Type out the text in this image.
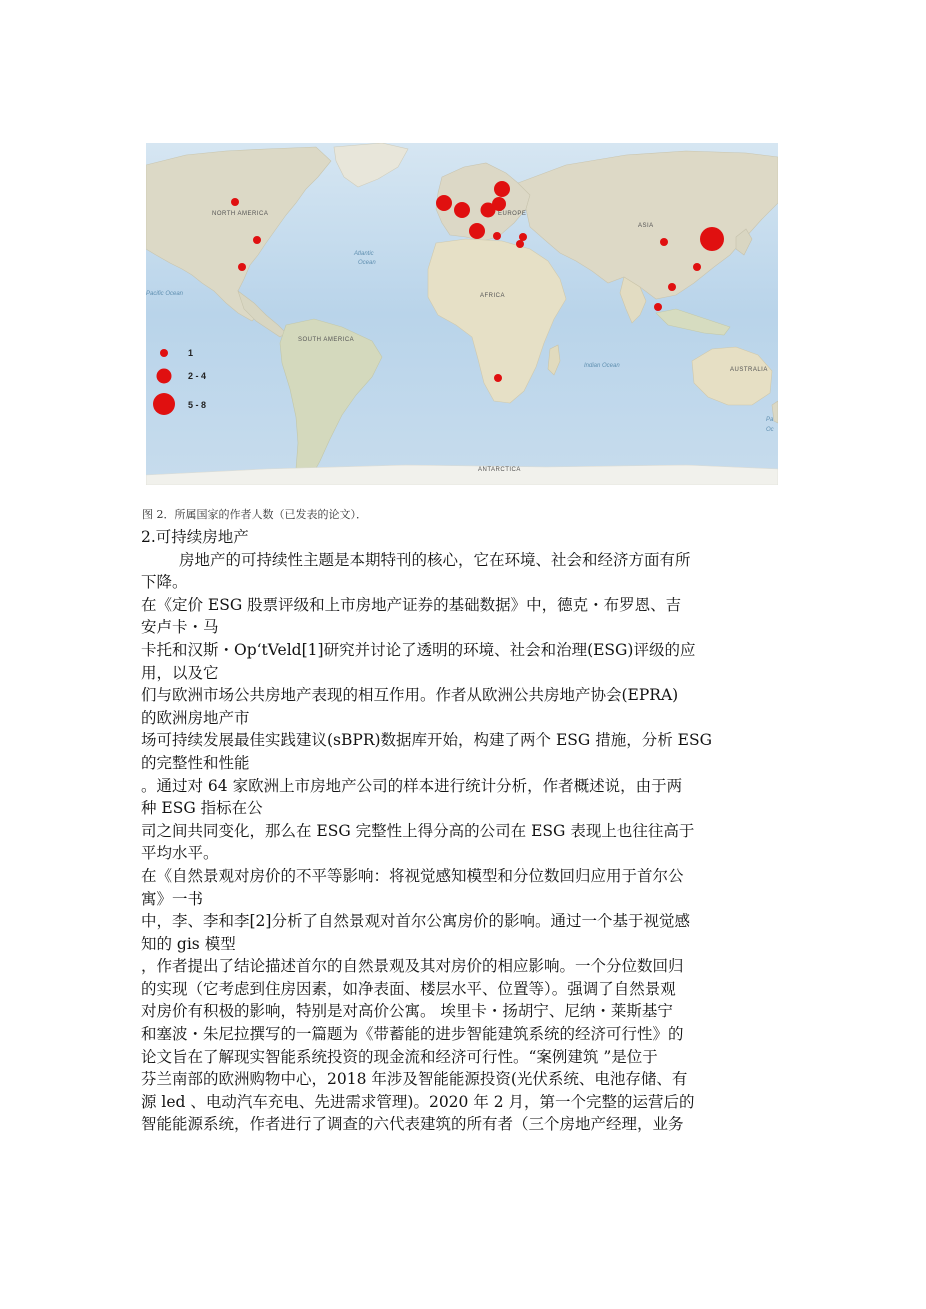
NORTH AMERICA
SOUTH AMERICA
AFRICA
EUROPE
ASIA
AUSTRALIA
ANTARCTICA
Atlantic
Ocean
Pacific Ocean
Indian Ocean
Pa
Oc
1
2 - 4
5 - 8
图 2．所属国家的作者人数（已发表的论文）．

2.可持续房地产

房地产的可持续性主题是本期特刊的核心，它在环境、社会和经济方面有所

下降。

在《定价 ESG 股票评级和上市房地产证券的基础数据》中，德克・布罗恩、吉

安卢卡・马

卡托和汉斯・Op‘tVeld[1]研究并讨论了透明的环境、社会和治理(ESG)评级的应

用，以及它

们与欧洲市场公共房地产表现的相互作用。作者从欧洲公共房地产协会(EPRA)

的欧洲房地产市

场可持续发展最佳实践建议(sBPR)数据库开始，构建了两个 ESG 措施，分析 ESG

的完整性和性能

。通过对 64 家欧洲上市房地产公司的样本进行统计分析，作者概述说，由于两

种 ESG 指标在公

司之间共同变化，那么在 ESG 完整性上得分高的公司在 ESG 表现上也往往高于

平均水平。

在《自然景观对房价的不平等影响：将视觉感知模型和分位数回归应用于首尔公

寓》一书

中，李、李和李[2]分析了自然景观对首尔公寓房价的影响。通过一个基于视觉感

知的 gis 模型

，作者提出了结论描述首尔的自然景观及其对房价的相应影响。一个分位数回归

的实现（它考虑到住房因素，如净表面、楼层水平、位置等）。强调了自然景观

对房价有积极的影响，特别是对高价公寓。 埃里卡・扬胡宁、尼纳・莱斯基宁

和塞波・朱尼拉撰写的一篇题为《带蓄能的进步智能建筑系统的经济可行性》的

论文旨在了解现实智能系统投资的现金流和经济可行性。“案例建筑 ”是位于

芬兰南部的欧洲购物中心，2018 年涉及智能能源投资(光伏系统、电池存储、有

源 led 、电动汽车充电、先进需求管理)。2020 年 2 月，第一个完整的运营后的

智能能源系统，作者进行了调查的六代表建筑的所有者（三个房地产经理，业务
